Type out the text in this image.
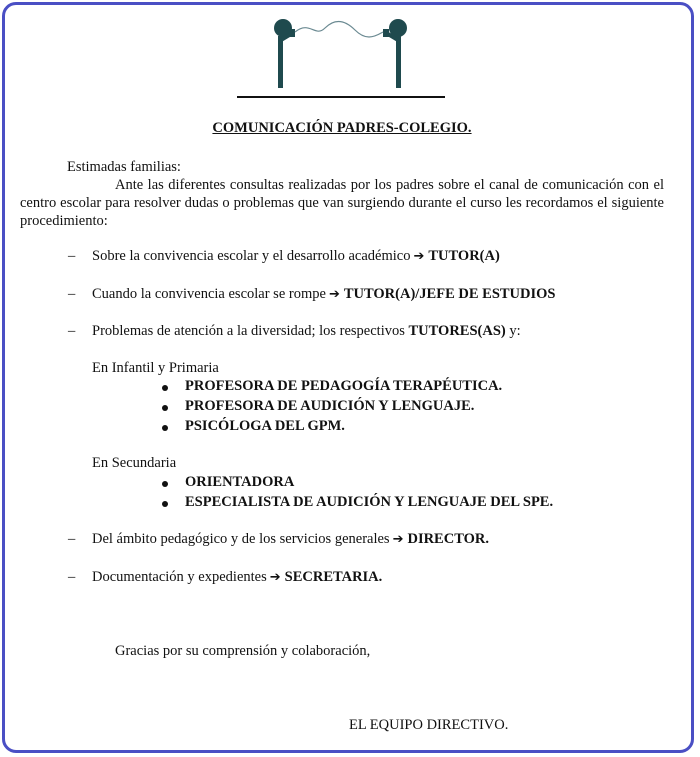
COMUNICACIÓN PADRES-COLEGIO.
Estimadas familias:
Ante las diferentes consultas realizadas por los padres sobre el canal de comunicación con el centro escolar para resolver dudas o problemas que van surgiendo durante el curso les recordamos el siguiente procedimiento:
– Sobre la convivencia escolar y el desarrollo académico ➔ TUTOR(A)
– Cuando la convivencia escolar se rompe ➔ TUTOR(A)/JEFE DE ESTUDIOS
– Problemas de atención a la diversidad; los respectivos TUTORES(AS) y:
En Infantil y Primaria
PROFESORA DE PEDAGOGÍA TERAPÉUTICA.
PROFESORA DE AUDICIÓN Y LENGUAJE.
PSICÓLOGA DEL GPM.
En Secundaria
ORIENTADORA
ESPECIALISTA DE AUDICIÓN Y LENGUAJE DEL SPE.
– Del ámbito pedagógico y de los servicios generales ➔ DIRECTOR.
– Documentación y expedientes ➔ SECRETARIA.
Gracias por su comprensión y colaboración,
EL EQUIPO DIRECTIVO.
